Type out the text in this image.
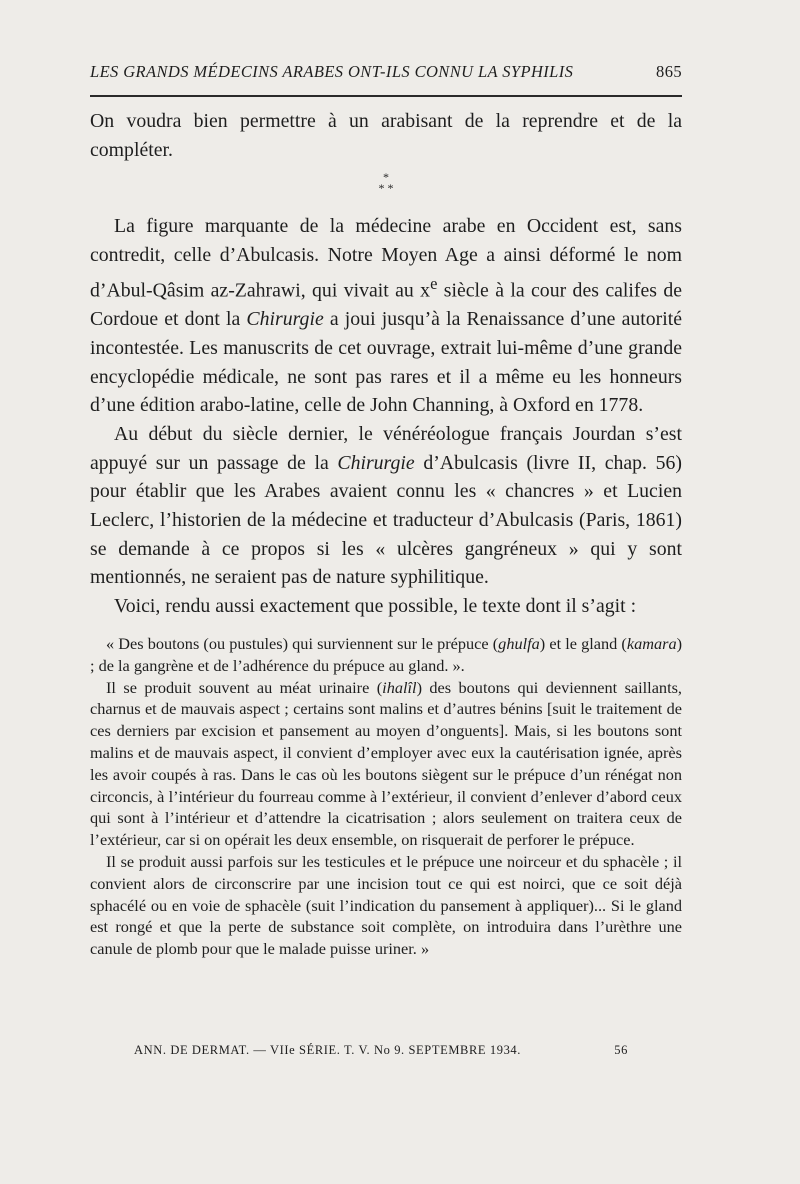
LES GRANDS MÉDECINS ARABES ONT-ILS CONNU LA SYPHILIS	865

On voudra bien permettre à un arabisant de la reprendre et de la compléter.

*
* *

La figure marquante de la médecine arabe en Occident est, sans contredit, celle d’Abulcasis. Notre Moyen Age a ainsi déformé le nom d’Abul-Qâsim az-Zahrawi, qui vivait au $x^e$ siècle à la cour des califes de Cordoue et dont la Chirurgie a joui jusqu’à la Renaissance d’une autorité incontestée. Les manuscrits de cet ouvrage, extrait lui-même d’une grande encyclopédie médicale, ne sont pas rares et il a même eu les honneurs d’une édition arabo-latine, celle de John Channing, à Oxford en 1778.

Au début du siècle dernier, le vénéréologue français Jourdan s’est appuyé sur un passage de la Chirurgie d’Abulcasis (livre II, chap. 56) pour établir que les Arabes avaient connu les « chancres » et Lucien Leclerc, l’historien de la médecine et traducteur d’Abulcasis (Paris, 1861) se demande à ce propos si les « ulcères gangréneux » qui y sont mentionnés, ne seraient pas de nature syphilitique.

Voici, rendu aussi exactement que possible, le texte dont il s’agit :

« Des boutons (ou pustules) qui surviennent sur le prépuce (ghulfa) et le gland (kamara) ; de la gangrène et de l’adhérence du prépuce au gland. ».

Il se produit souvent au méat urinaire (ihalîl) des boutons qui deviennent saillants, charnus et de mauvais aspect ; certains sont malins et d’autres bénins [suit le traitement de ces derniers par excision et pansement au moyen d’onguents]. Mais, si les boutons sont malins et de mauvais aspect, il convient d’employer avec eux la cautérisation ignée, après les avoir coupés à ras. Dans le cas où les boutons siègent sur le prépuce d’un rénégat non circoncis, à l’intérieur du fourreau comme à l’extérieur, il convient d’enlever d’abord ceux qui sont à l’intérieur et d’attendre la cicatrisation ; alors seulement on traitera ceux de l’extérieur, car si on opérait les deux ensemble, on risquerait de perforer le prépuce.

Il se produit aussi parfois sur les testicules et le prépuce une noirceur et du sphacèle ; il convient alors de circonscrire par une incision tout ce qui est noirci, que ce soit déjà sphacélé ou en voie de sphacèle (suit l’indication du pansement à appliquer)... Si le gland est rongé et que la perte de substance soit complète, on introduira dans l’urèthre une canule de plomb pour que le malade puisse uriner. »

ANN. DE DERMAT. — VIIe SÉRIE. T. V. No 9. SEPTEMBRE 1934.	56
